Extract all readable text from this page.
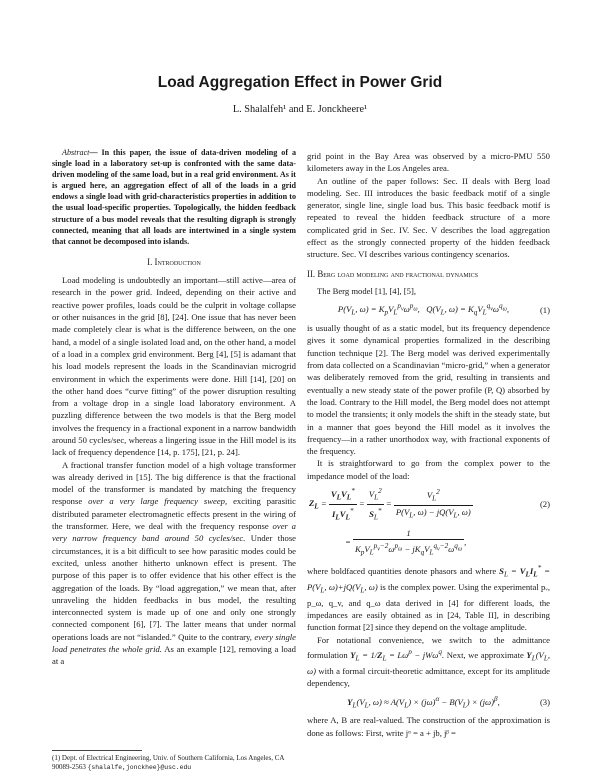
Load Aggregation Effect in Power Grid
L. Shalalfeh¹ and E. Jonckheere¹

Abstract— In this paper, the issue of data-driven modeling of a single load in a laboratory set-up is confronted with the same data-driven modeling of the same load, but in a real grid environment. As it is argued here, an aggregation effect of all of the loads in a grid endows a single load with grid-characteristics properties in addition to the usual load-specific properties. Topologically, the hidden feedback structure of a bus model reveals that the resulting digraph is strongly connected, meaning that all loads are intertwined in a single system that cannot be decomposed into islands.

I. Introduction

Load modeling is undoubtedly an important—still active—area of research in the power grid. Indeed, depending on their active and reactive power profiles, loads could be the culprit in voltage collapse or other nuisances in the grid [8], [24]. One issue that has never been made completely clear is what is the difference between, on the one hand, a model of a single isolated load and, on the other hand, a model of a load in a complex grid environment. Berg [4], [5] is adamant that his load models represent the loads in the Scandinavian microgrid environment in which the experiments were done. Hill [14], [20] on the other hand does “curve fitting” of the power disruption resulting from a voltage drop in a single load laboratory environment. A puzzling difference between the two models is that the Berg model involves the frequency in a fractional exponent in a narrow bandwidth around 50 cycles/sec, whereas a lingering issue in the Hill model is its lack of frequency dependence [14, p. 175], [21, p. 24].

A fractional transfer function model of a high voltage transformer was already derived in [15]. The big difference is that the fractional model of the transformer is mandated by matching the frequency response over a very large frequency sweep, exciting parasitic distributed parameter electromagnetic effects present in the wiring of the transformer. Here, we deal with the frequency response over a very narrow frequency band around 50 cycles/sec. Under those circumstances, it is a bit difficult to see how parasitic modes could be excited, unless another hitherto unknown effect is present. The purpose of this paper is to offer evidence that his other effect is the aggregation of the loads. By “load aggregation,” we mean that, after unraveling the hidden feedbacks in bus model, the resulting interconnected system is made up of one and only one strongly connected component [6], [7]. The latter means that under normal operations loads are not “islanded.” Quite to the contrary, every single load penetrates the whole grid. As an example [12], removing a load at a

(1) Dept. of Electrical Engineering, Univ. of Southern California, Los Angeles, CA 90089-2563 {shalalfe,jonckhee}@usc.edu

grid point in the Bay Area was observed by a micro-PMU 550 kilometers away in the Los Angeles area.

An outline of the paper follows: Sec. II deals with Berg load modeling. Sec. III introduces the basic feedback motif of a single generator, single line, single load bus. This basic feedback motif is repeated to reveal the hidden feedback structure of a more complicated grid in Sec. IV. Sec. V describes the load aggregation effect as the strongly connected property of the hidden feedback structure. Sec. VI describes various contingency scenarios.

II. Berg load modeling and fractional dynamics

The Berg model [1], [4], [5],

$P(V_L$, $\omega) = K_pV_L^{p_v}\omega^{p_\omega}$,   $Q(V_L$, $\omega) = K_qV_L^{q_v}\omega^{q_\omega}$,	(1)

is usually thought of as a static model, but its frequency dependence gives it some dynamical properties formalized in the describing function technique [2]. The Berg model was derived experimentally from data collected on a Scandinavian “micro-grid,” when a generator was deliberately removed from the grid, resulting in transients and eventually a new steady state of the power profile (P, Q) absorbed by the load. Contrary to the Hill model, the Berg model does not attempt to model the transients; it only models the shift in the steady state, but in a manner that goes beyond the Hill model as it involves the frequency—in a rather unorthodox way, with fractional exponents of the frequency.

It is straightforward to go from the complex power to the impedance model of the load:

$Z_L = \frac{V_LV_L^*}{I_LV_L^*} = \frac{V_L^2}{S_L^*} = \frac{V_L^2}{P(V_L, \omega) - jQ(V_L, \omega)}$	(2)
= $\frac{1}{K_pV_L^{p_v-2}\omega^{p_\omega} - jK_qV_L^{q_v-2}\omega^{q_\omega}}$ ,

where boldfaced quantities denote phasors and where $S_L = V_LI_L^* = P(V_L$, $\omega)+jQ(V_L$, ω) is the complex power. Using the experimental pᵥ, p_ω, q_v, and q_ω data derived in [4] for different loads, the impedances are easily obtained as in [24, Table II], in describing function format [2] since they depend on the voltage amplitude.

For notational convenience, we switch to the admittance formulation $Y_L = 1/Z_L = L\omega^p - jW\omega^q$. Next, we approximate $Y_L(V_L$, ω) with a formal circuit-theoretic admittance, except for its amplitude dependency,

$Y_L(V_L$, $\omega) \approx A(V_L) \times (j\omega)^\alpha - B(V_L) \times (j\omega)^\beta$,	(3)

where A, B are real-valued. The construction of the approximation is done as follows: First, write jᵅ = a + jb, jᵝ =
